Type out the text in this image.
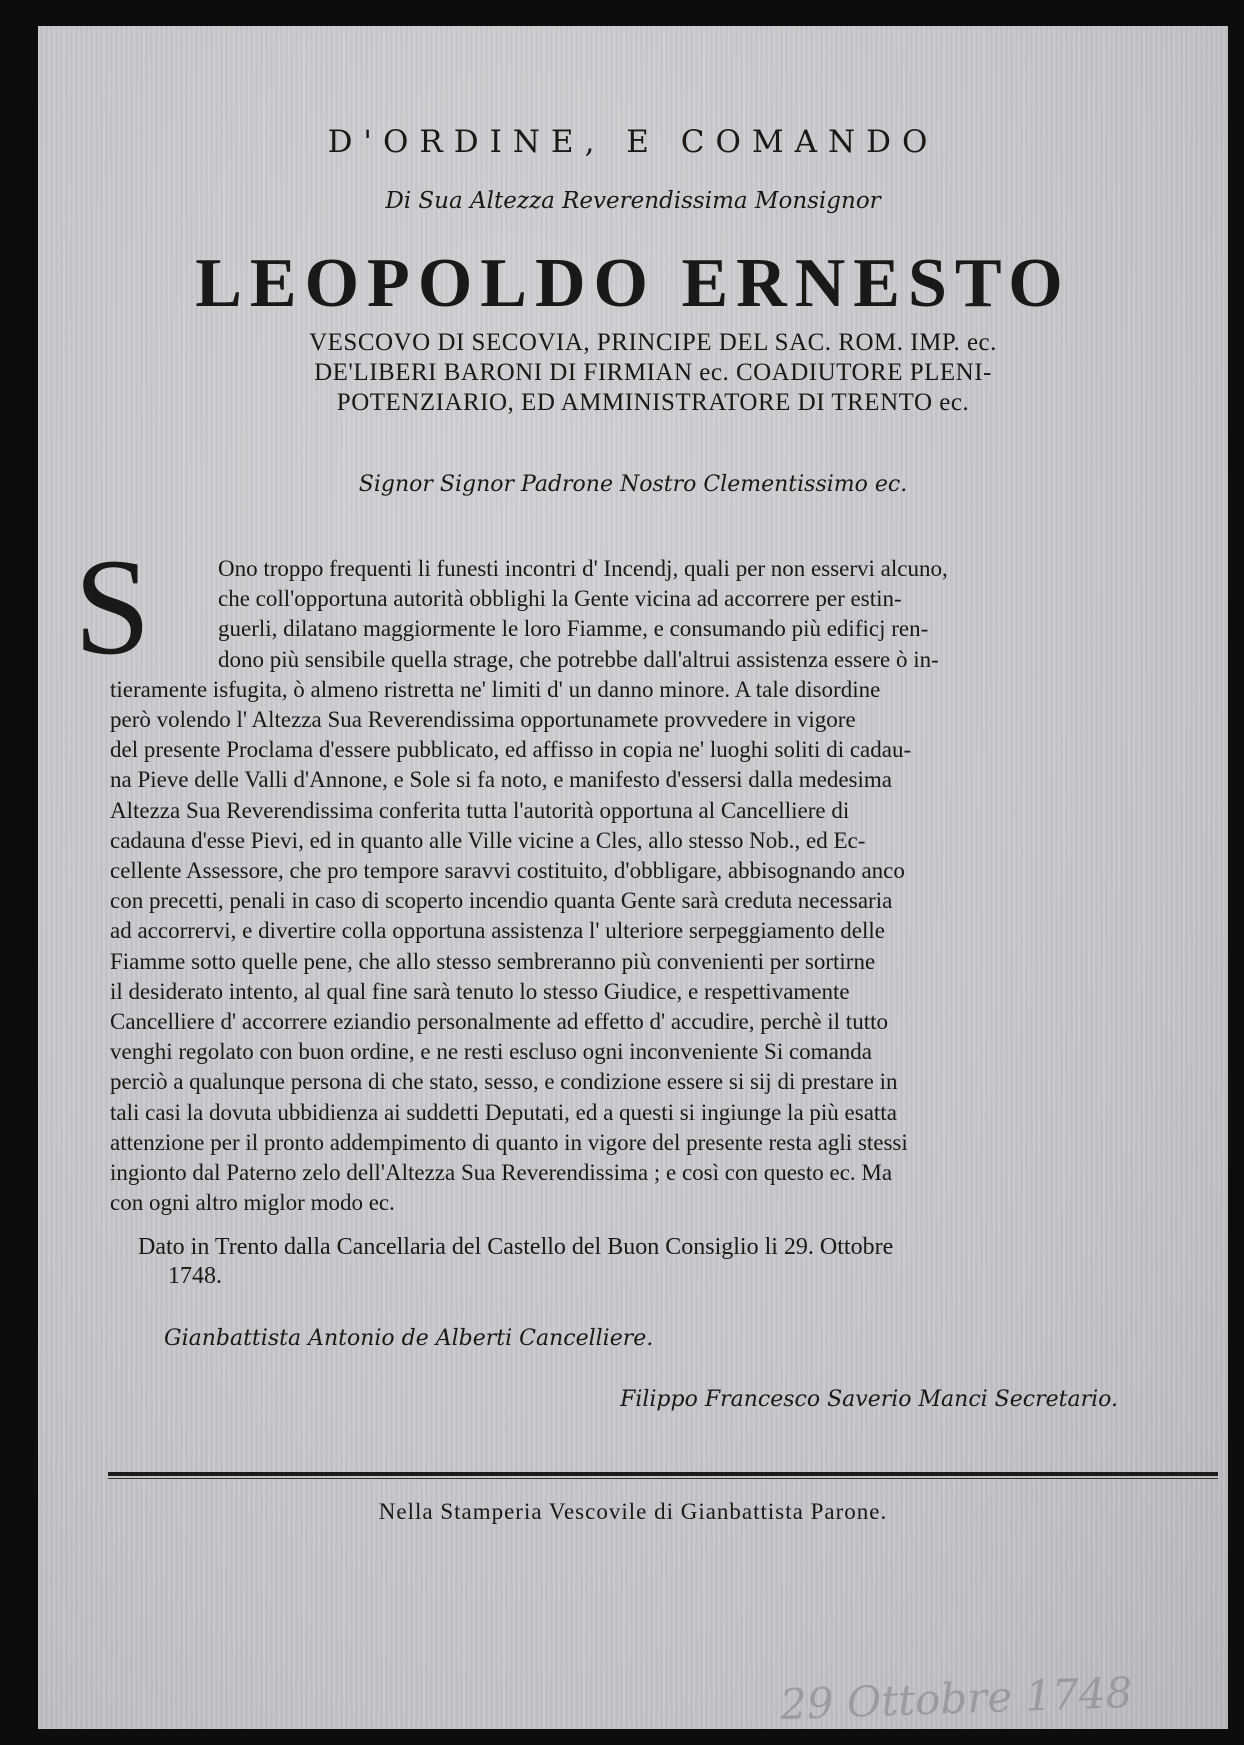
D'ORDINE, E COMANDO
Di Sua Altezza Reverendissima Monsignor
LEOPOLDO ERNESTO
VESCOVO DI SECOVIA, PRINCIPE DEL SAC. ROM. IMP. ec.
DE'LIBERI BARONI DI FIRMIAN ec. COADIUTORE PLENI-
POTENZIARIO, ED AMMINISTRATORE DI TRENTO ec.
Signor Signor Padrone Nostro Clementissimo ec.
S	Ono troppo frequenti li funesti incontri d' Incendj, quali per non esservi alcuno,
che coll'opportuna autorità obblighi la Gente vicina ad accorrere per estin-
guerli, dilatano maggiormente le loro Fiamme, e consumando più edificj ren-
dono più sensibile quella strage, che potrebbe dall'altrui assistenza essere ò in-
tieramente isfugita, ò almeno ristretta ne' limiti d' un danno minore. A tale disordine
però volendo l' Altezza Sua Reverendissima opportunamete provvedere in vigore
del presente Proclama d'essere pubblicato, ed affisso in copia ne' luoghi soliti di cadau-
na Pieve delle Valli d'Annone, e Sole si fa noto, e manifesto d'essersi dalla medesima
Altezza Sua Reverendissima conferita tutta l'autorità opportuna al Cancelliere di
cadauna d'esse Pievi, ed in quanto alle Ville vicine a Cles, allo stesso Nob., ed Ec-
cellente Assessore, che pro tempore saravvi costituito, d'obbligare, abbisognando anco
con precetti, penali in caso di scoperto incendio quanta Gente sarà creduta necessaria
ad accorrervi, e divertire colla opportuna assistenza l' ulteriore serpeggiamento delle
Fiamme sotto quelle pene, che allo stesso sembreranno più convenienti per sortirne
il desiderato intento, al qual fine sarà tenuto lo stesso Giudice, e respettivamente
Cancelliere d' accorrere eziandio personalmente ad effetto d' accudire, perchè il tutto
venghi regolato con buon ordine, e ne resti escluso ogni inconveniente Si comanda
perciò a qualunque persona di che stato, sesso, e condizione essere si sij di prestare in
tali casi la dovuta ubbidienza ai suddetti Deputati, ed a questi si ingiunge la più esatta
attenzione per il pronto addempimento di quanto in vigore del presente resta agli stessi
ingionto dal Paterno zelo dell'Altezza Sua Reverendissima ; e così con questo ec. Ma
con ogni altro miglor modo ec.
Dato in Trento dalla Cancellaria del Castello del Buon Consiglio li 29. Ottobre
1748.
Gianbattista Antonio de Alberti Cancelliere.
Filippo Francesco Saverio Manci Secretario.
Nella Stamperia Vescovile di Gianbattista Parone.
29 Ottobre 1748
